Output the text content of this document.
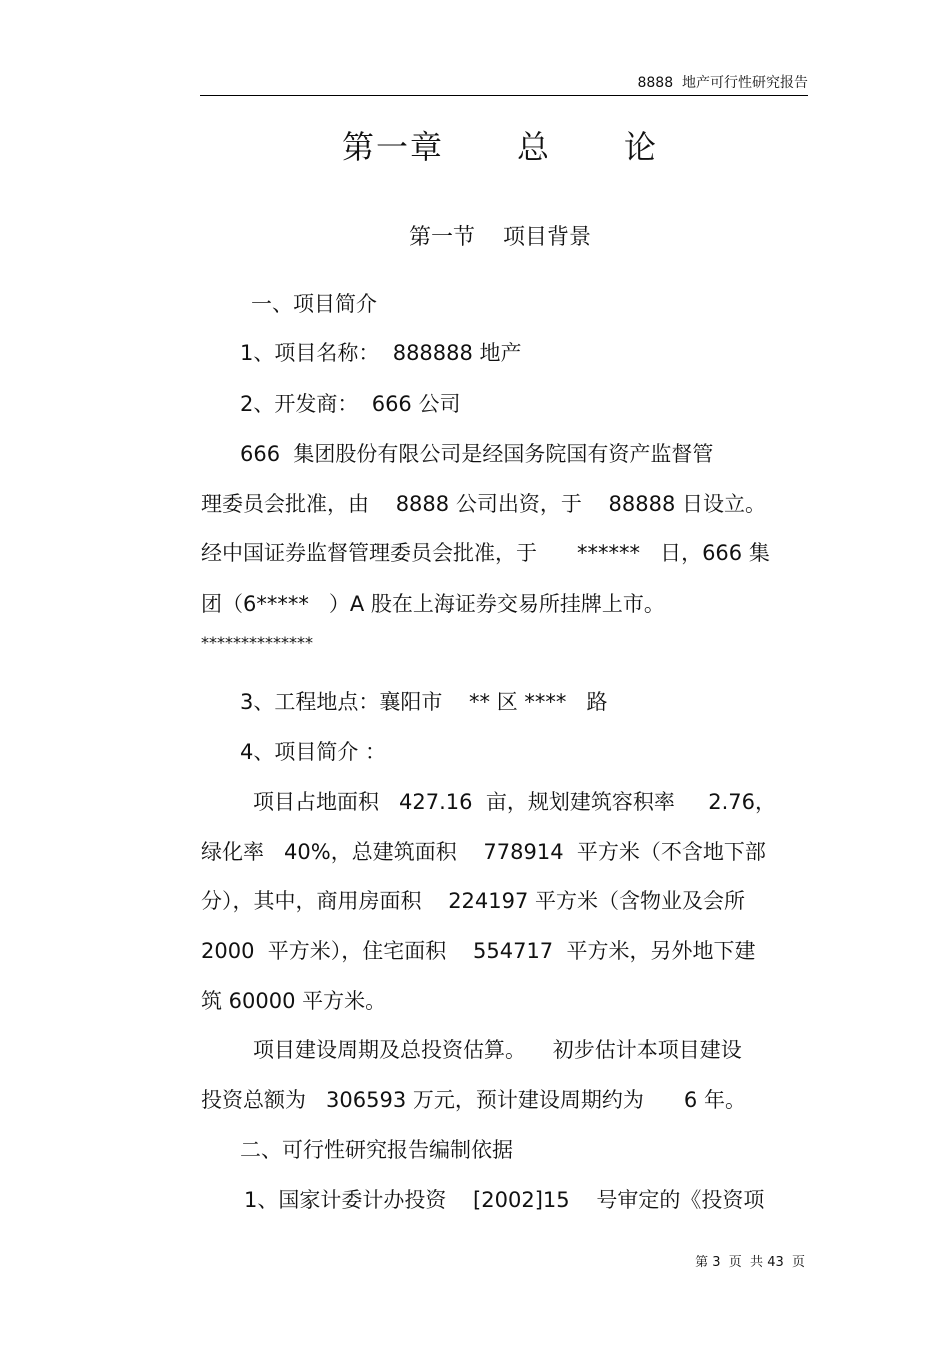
8888  地产可行性研究报告
第一章      总      论
第一节    项目背景
一、项目简介
1、项目名称：  888888 地产
2、开发商：  666 公司
666  集团股份有限公司是经国务院国有资产监督管
理委员会批准，由    8888 公司出资，于    88888 日设立。
经中国证券监督管理委员会批准，于      ******   日，666 集
团（6*****   ）A 股在上海证券交易所挂牌上市。
**************
3、工程地点：襄阳市    ** 区 ****   路
4、项目简介 ：
项目占地面积   427.16  亩，规划建筑容积率     2.76，
绿化率   40%，总建筑面积    778914  平方米（不含地下部
分），其中，商用房面积    224197 平方米（含物业及会所
2000  平方米），住宅面积    554717  平方米，另外地下建
筑 60000 平方米。
项目建设周期及总投资估算。    初步估计本项目建设
投资总额为   306593 万元，预计建设周期约为      6 年。
二、可行性研究报告编制依据
1、国家计委计办投资    [2002]15    号审定的《投资项
第 3  页  共 43  页
